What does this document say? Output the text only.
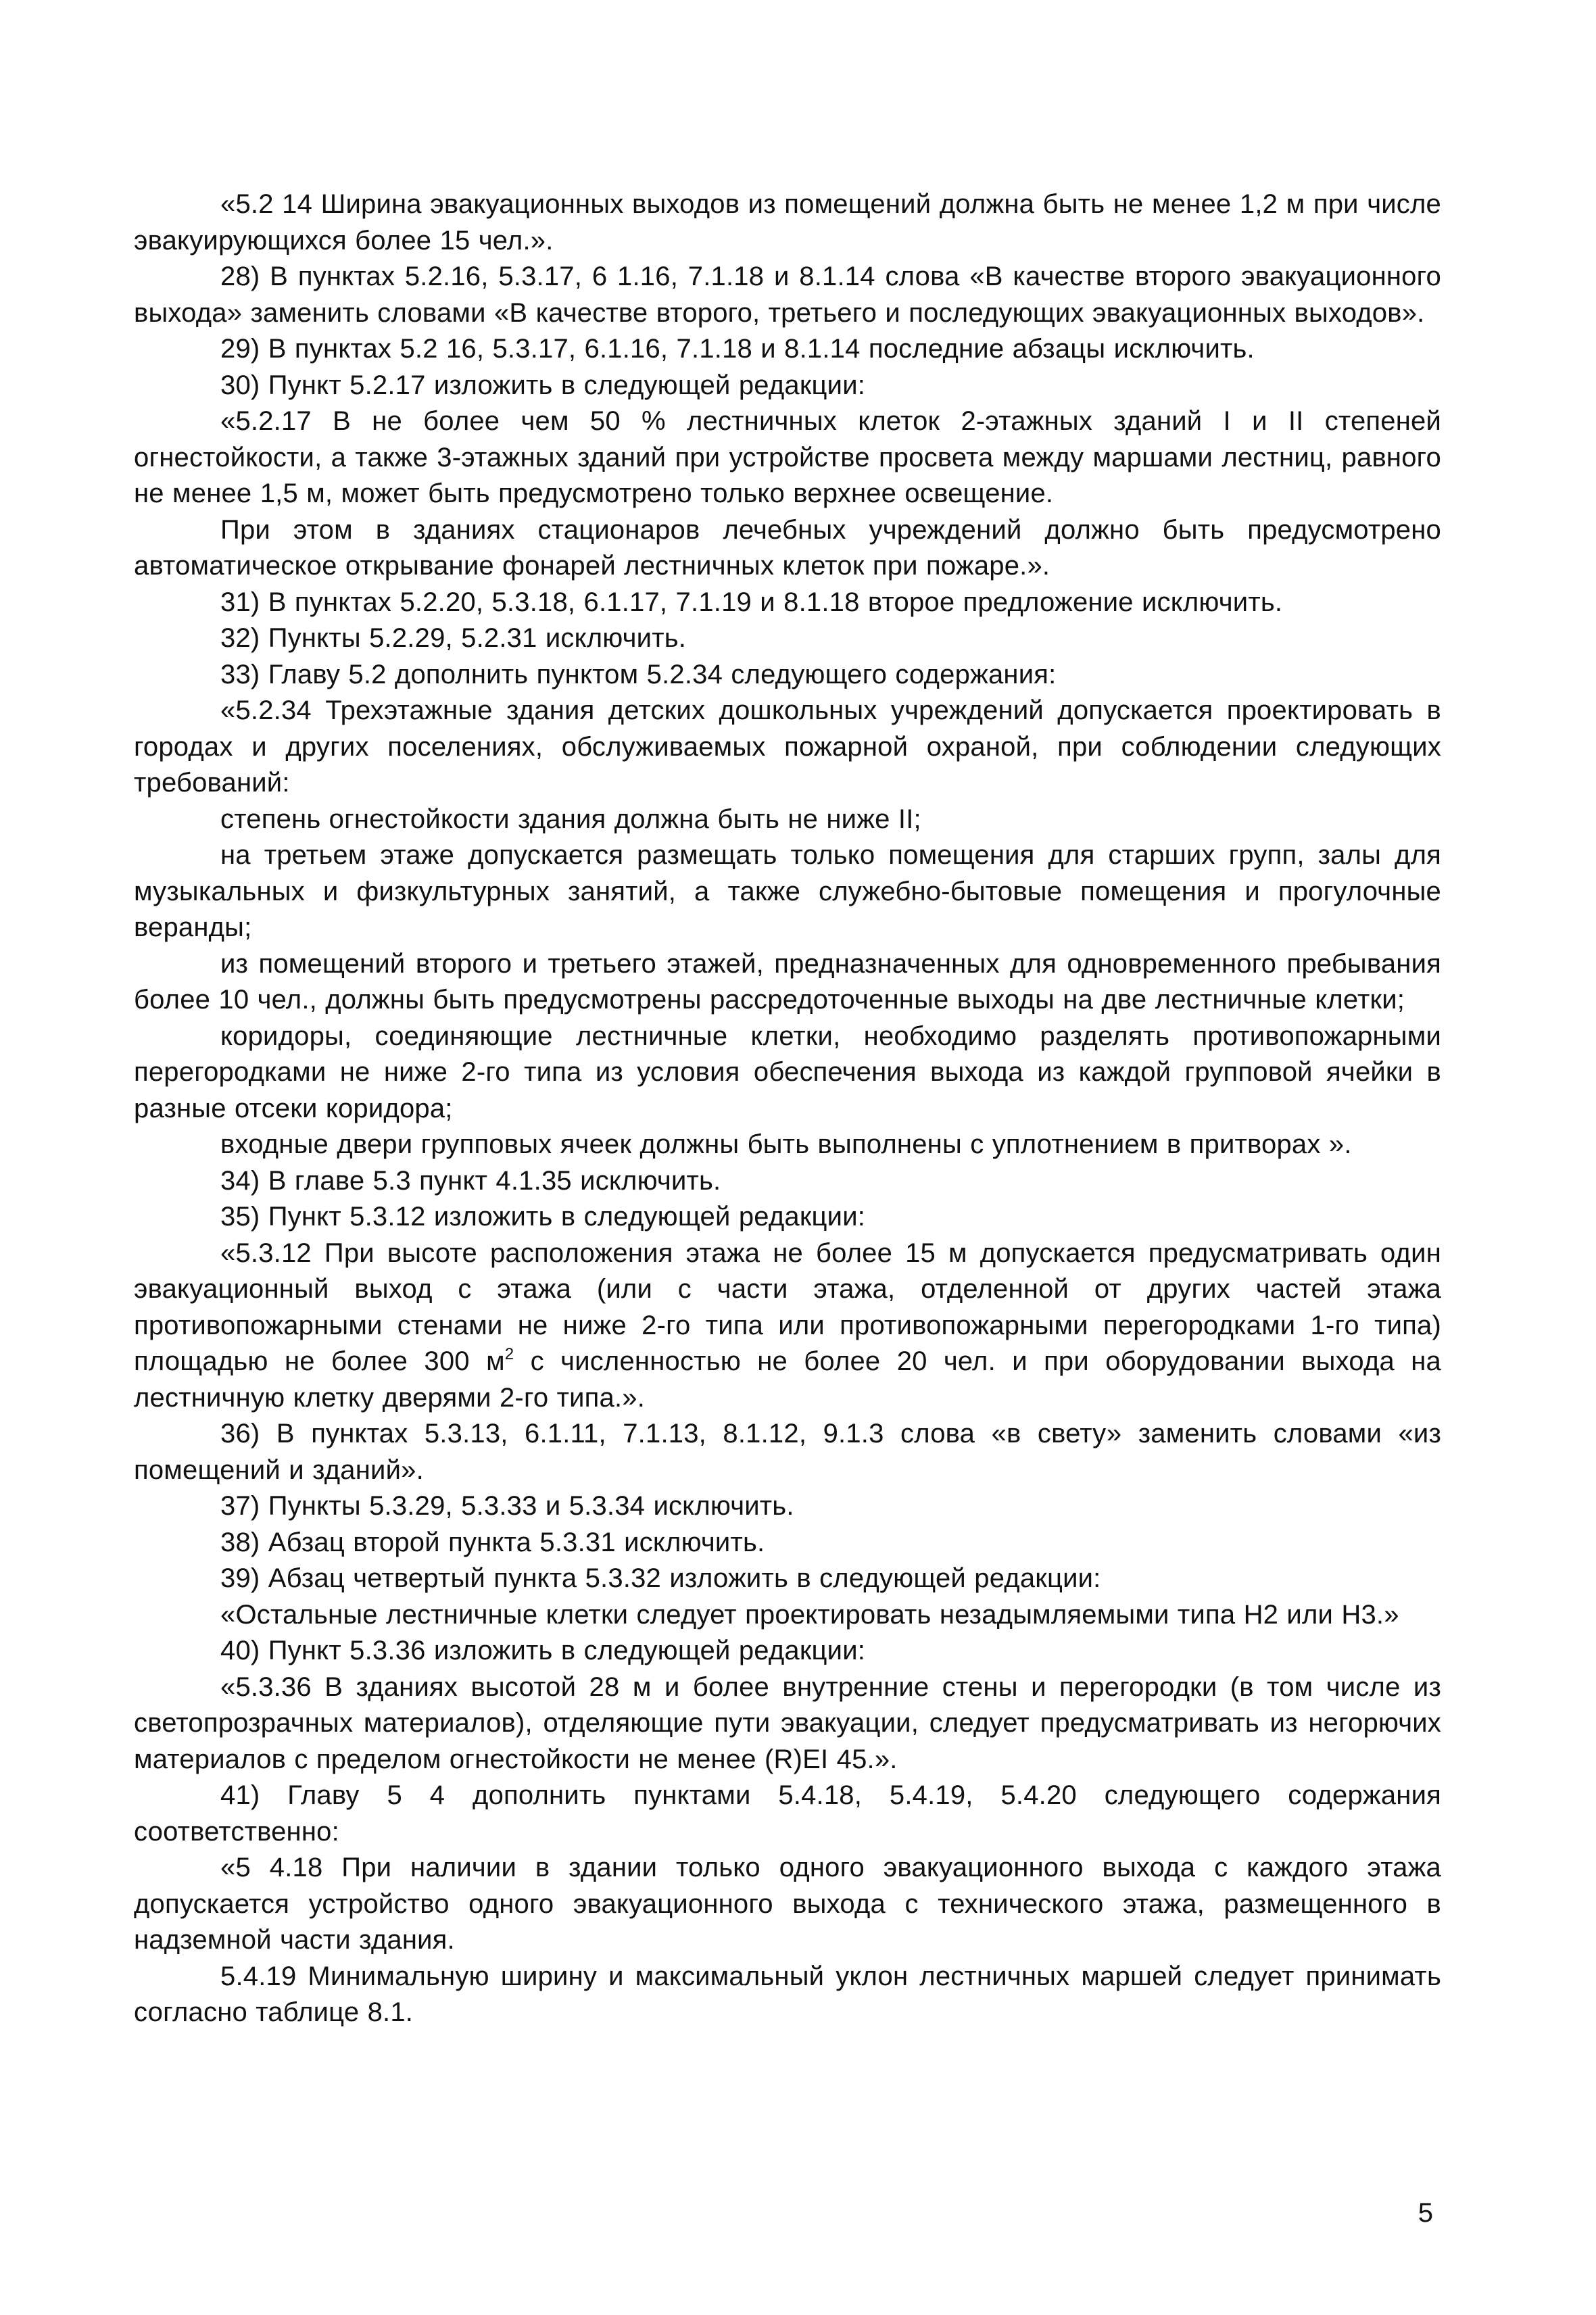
«5.2 14 Ширина эвакуационных выходов из помещений должна быть не менее 1,2 м при числе эвакуирующихся более 15 чел.».

28) В пунктах 5.2.16, 5.3.17, 6 1.16, 7.1.18 и 8.1.14 слова «В качестве второго эвакуационного выхода» заменить словами «В качестве второго, третьего и последующих эвакуационных выходов».

29) В пунктах 5.2 16, 5.3.17, 6.1.16, 7.1.18 и 8.1.14 последние абзацы исключить.

30) Пункт 5.2.17 изложить в следующей редакции:

«5.2.17 В не более чем 50 % лестничных клеток 2-этажных зданий I и II степеней огнестойкости, а также 3-этажных зданий при устройстве просвета между маршами лестниц, равного не менее 1,5 м, может быть предусмотрено только верхнее освещение.

При этом в зданиях стационаров лечебных учреждений должно быть предусмотрено автоматическое открывание фонарей лестничных клеток при пожаре.».

31) В пунктах 5.2.20, 5.3.18, 6.1.17, 7.1.19 и 8.1.18 второе предложение исключить.

32) Пункты 5.2.29, 5.2.31 исключить.

33) Главу 5.2 дополнить пунктом 5.2.34 следующего содержания:

«5.2.34 Трехэтажные здания детских дошкольных учреждений допускается проектировать в городах и других поселениях, обслуживаемых пожарной охраной, при соблюдении следующих требований:

степень огнестойкости здания должна быть не ниже II;

на третьем этаже допускается размещать только помещения для старших групп, залы для музыкальных и физкультурных занятий, а также служебно-бытовые помещения и прогулочные веранды;

из помещений второго и третьего этажей, предназначенных для одновременного пребывания более 10 чел., должны быть предусмотрены рассредоточенные выходы на две лестничные клетки;

коридоры, соединяющие лестничные клетки, необходимо разделять противопожарными перегородками не ниже 2-го типа из условия обеспечения выхода из каждой групповой ячейки в разные отсеки коридора;

входные двери групповых ячеек должны быть выполнены с уплотнением в притворах ».

34) В главе 5.3 пункт 4.1.35 исключить.

35) Пункт 5.3.12 изложить в следующей редакции:

«5.3.12 При высоте расположения этажа не более 15 м допускается предусматривать один эвакуационный выход с этажа (или с части этажа, отделенной от других частей этажа противопожарными стенами не ниже 2-го типа или противопожарными перегородками 1-го типа) площадью не более 300 $м^2$ с численностью не более 20 чел. и при оборудовании выхода на лестничную клетку дверями 2-го типа.».

36) В пунктах 5.3.13, 6.1.11, 7.1.13, 8.1.12, 9.1.3 слова «в свету» заменить словами «из помещений и зданий».

37) Пункты 5.3.29, 5.3.33 и 5.3.34 исключить.

38) Абзац второй пункта 5.3.31 исключить.

39) Абзац четвертый пункта 5.3.32 изложить в следующей редакции:

«Остальные лестничные клетки следует проектировать незадымляемыми типа Н2 или Н3.»

40) Пункт 5.3.36 изложить в следующей редакции:

«5.3.36 В зданиях высотой 28 м и более внутренние стены и перегородки (в том числе из светопрозрачных материалов), отделяющие пути эвакуации, следует предусматривать из негорючих материалов с пределом огнестойкости не менее (R)EI 45.».

41) Главу 5 4 дополнить пунктами 5.4.18, 5.4.19, 5.4.20 следующего содержания соответственно:

«5 4.18 При наличии в здании только одного эвакуационного выхода с каждого этажа допускается устройство одного эвакуационного выхода с технического этажа, размещенного в надземной части здания.

5.4.19 Минимальную ширину и максимальный уклон лестничных маршей следует принимать согласно таблице 8.1.

5
